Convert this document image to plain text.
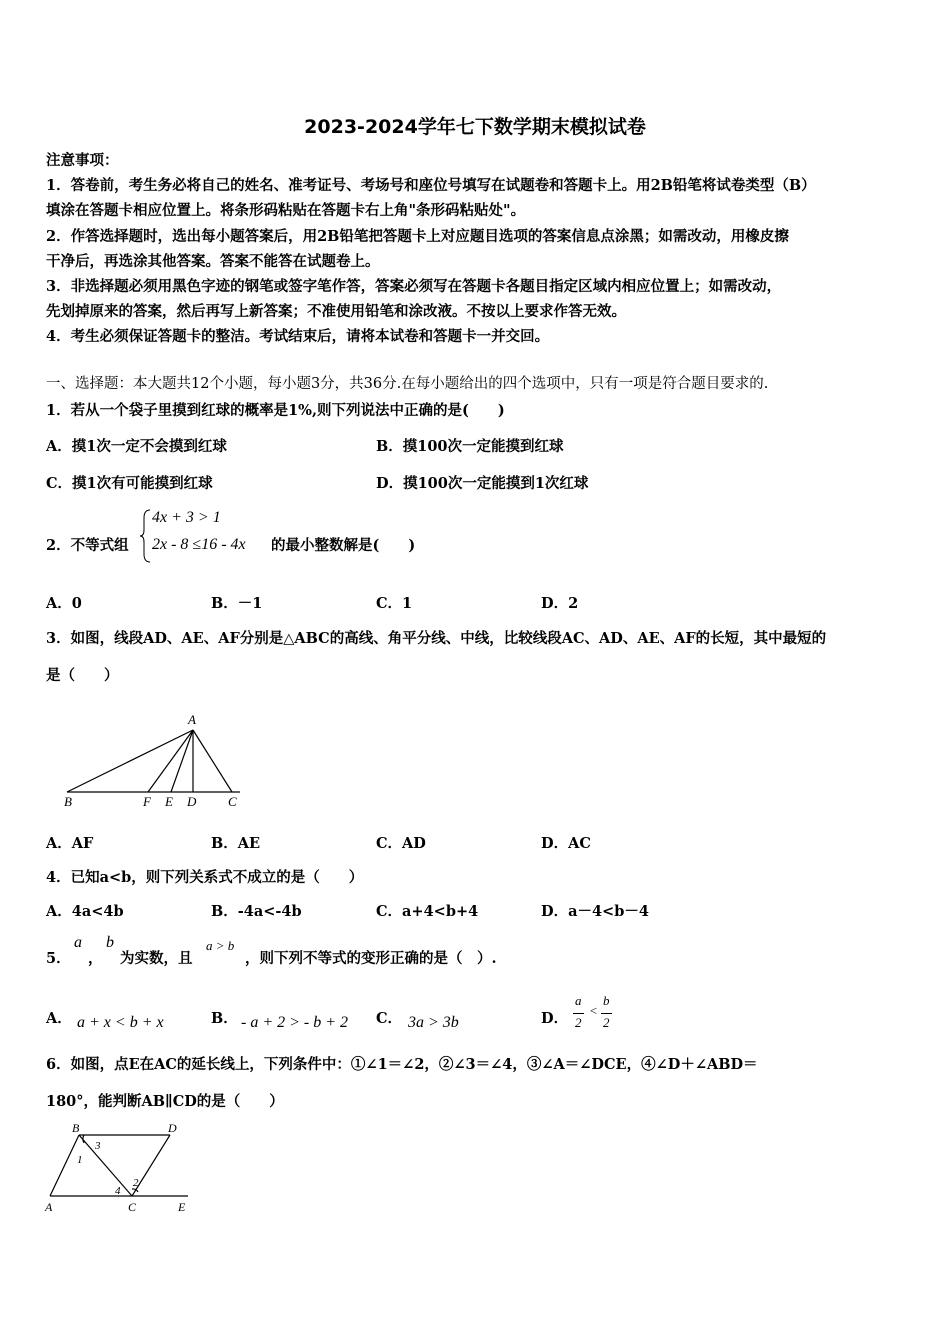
2023-2024学年七下数学期末模拟试卷
注意事项：
1．答卷前，考生务必将自己的姓名、准考证号、考场号和座位号填写在试题卷和答题卡上。用2B铅笔将试卷类型（B）
填涂在答题卡相应位置上。将条形码粘贴在答题卡右上角"条形码粘贴处"。
2．作答选择题时，选出每小题答案后，用2B铅笔把答题卡上对应题目选项的答案信息点涂黑；如需改动，用橡皮擦
干净后，再选涂其他答案。答案不能答在试题卷上。
3．非选择题必须用黑色字迹的钢笔或签字笔作答，答案必须写在答题卡各题目指定区域内相应位置上；如需改动，
先划掉原来的答案，然后再写上新答案；不准使用铅笔和涂改液。不按以上要求作答无效。
4．考生必须保证答题卡的整洁。考试结束后，请将本试卷和答题卡一并交回。
一、选择题：本大题共12个小题，每小题3分，共36分.在每小题给出的四个选项中，只有一项是符合题目要求的.
1．若从一个袋子里摸到红球的概率是1%,则下列说法中正确的是(　　)
A．摸1次一定不会摸到红球	B．摸100次一定能摸到红球
C．摸1次有可能摸到红球	D．摸100次一定能摸到1次红球
2．不等式组
4x + 3 > 1
2x - 8 ≤16 - 4x 的最小整数解是(　　)
A．0	B．－1	C．1	D．2
3．如图，线段AD、AE、AF分别是△ABC的高线、角平分线、中线，比较线段AC、AD、AE、AF的长短，其中最短的
是（　　）
A
B	F E D C
A．AF	B．AE	C．AD	D．AC
4．已知a<b，则下列关系式不成立的是（　　）
A．4a<4b	B．-4a<-4b	C．a+4<b+4	D．a－4<b－4
5．
a
，
b
为实数，且
a > b
，则下列不等式的变形正确的是（　）.
A． a + x < b + x	B． - a + 2 > - b + 2 C． 3a > 3b	D．
a
2
<
b
2
6．如图，点E在AC的延长线上，下列条件中：①∠1＝∠2，②∠3＝∠4，③∠A＝∠DCE，④∠D＋∠ABD＝
180°，能判断AB∥CD的是（　　）
B	D
A	C	E
1
2
3
4
